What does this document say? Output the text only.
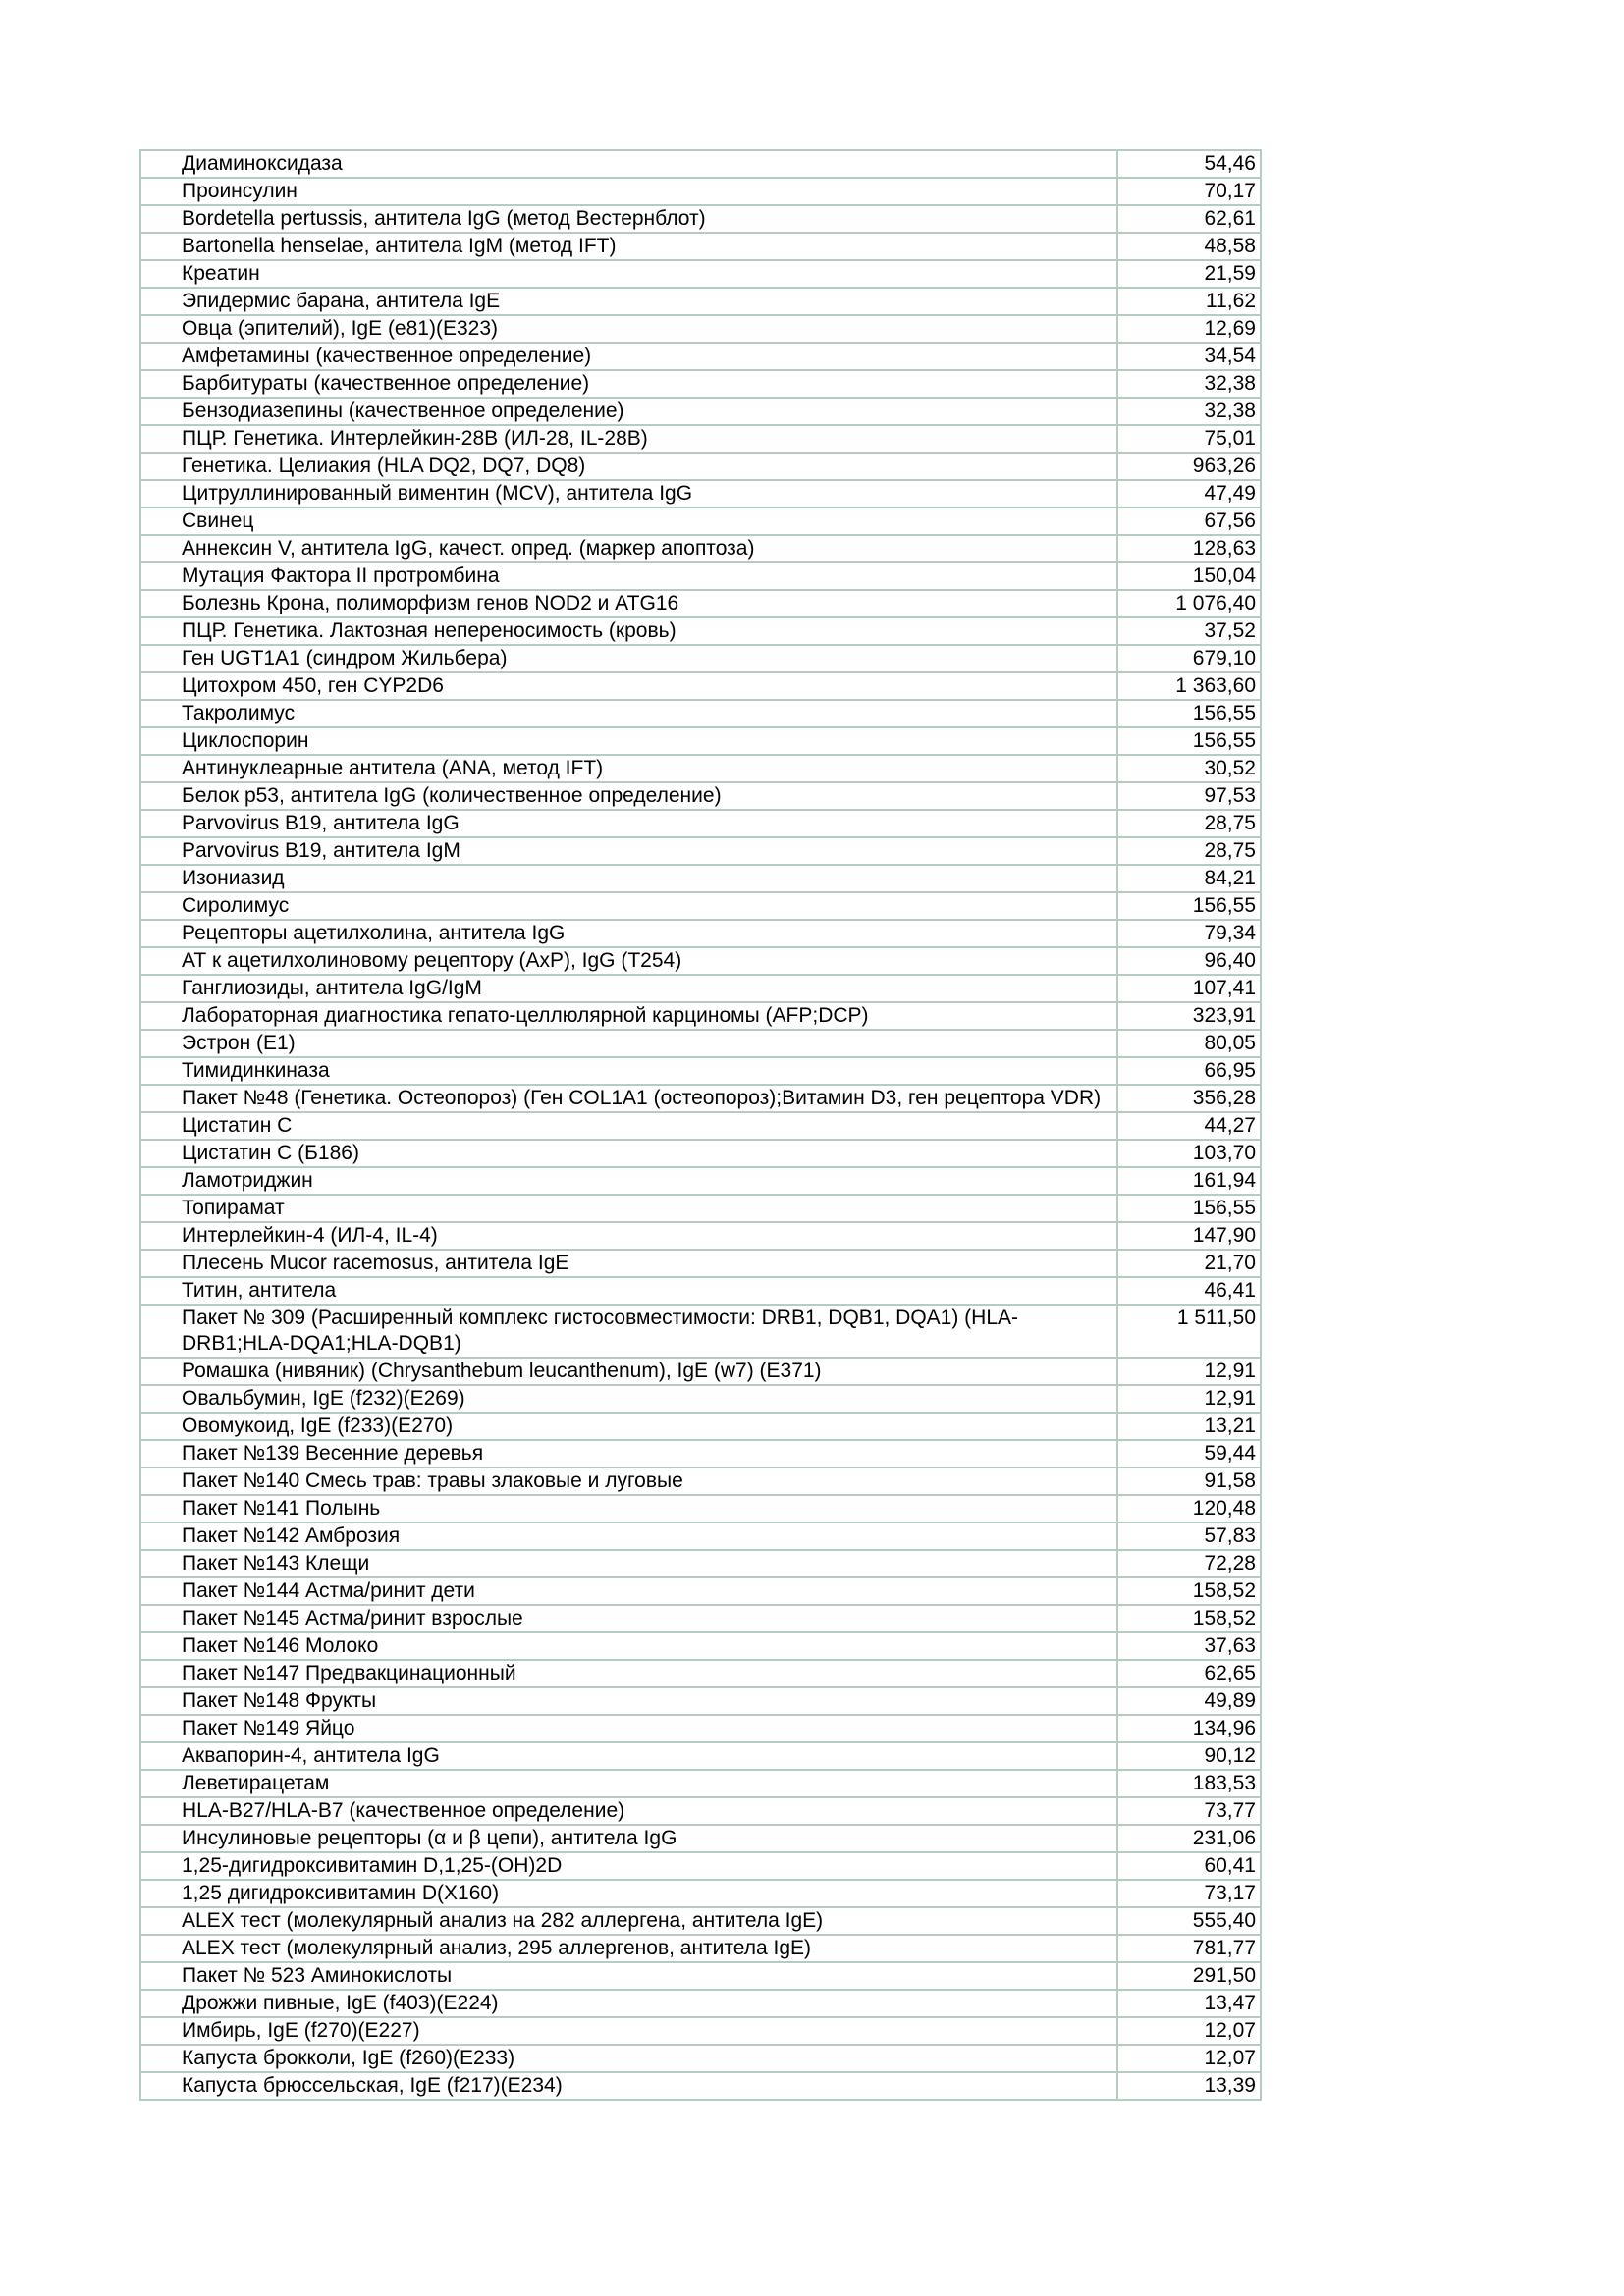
Диаминоксидаза	54,46
Проинсулин	70,17
Bordetella pertussis, антитела IgG (метод Вестернблот)	62,61
Bartonella henselae, антитела IgM (метод IFT)	48,58
Креатин	21,59
Эпидермис барана, антитела IgE	11,62
Овца (эпителий), IgE (e81)(E323)	12,69
Амфетамины (качественное определение)	34,54
Барбитураты (качественное определение)	32,38
Бензодиазепины (качественное определение)	32,38
ПЦР. Генетика. Интерлейкин-28В (ИЛ-28, IL-28B)	75,01
Генетика. Целиакия (HLA DQ2, DQ7, DQ8)	963,26
Цитруллинированный виментин (MCV), антитела IgG	47,49
Свинец	67,56
Аннексин V, антитела IgG, качест. опред. (маркер апоптоза)	128,63
Мутация Фактора II протромбина	150,04
Болезнь Крона, полиморфизм генов NOD2 и ATG16	1 076,40
ПЦР. Генетика. Лактозная непереносимость (кровь)	37,52
Ген UGT1A1 (синдром Жильбера)	679,10
Цитохром 450, ген CYP2D6	1 363,60
Такролимус	156,55
Циклоспорин	156,55
Антинуклеарные антитела (ANA, метод IFT)	30,52
Белок p53, антитела IgG (количественное определение)	97,53
Parvovirus B19, антитела IgG	28,75
Parvovirus B19, антитела IgM	28,75
Изониазид	84,21
Сиролимус	156,55
Рецепторы ацетилхолина, антитела IgG	79,34
АТ к ацетилхолиновому рецептору (AxP), IgG (T254)	96,40
Ганглиозиды, антитела IgG/IgM	107,41
Лабораторная диагностика гепато-целлюлярной карциномы (AFP;DCP)	323,91
Эстрон (Е1)	80,05
Тимидинкиназа	66,95
Пакет №48 (Генетика. Остеопороз) (Ген COL1A1 (остеопороз);Витамин D3, ген рецептора VDR)	356,28
Цистатин С	44,27
Цистатин С (Б186)	103,70
Ламотриджин	161,94
Топирамат	156,55
Интерлейкин-4 (ИЛ-4, IL-4)	147,90
Плесень Mucor racemosus, антитела IgE	21,70
Титин, антитела	46,41
Пакет № 309 (Расширенный комплекс гистосовместимости: DRB1, DQB1, DQA1) (HLA-DRB1;HLA-DQA1;HLA-DQB1)	1 511,50
Ромашка (нивяник) (Chrysanthebum leucanthenum), IgE (w7) (E371)	12,91
Овальбумин, IgE (f232)(E269)	12,91
Овомукоид, IgE (f233)(E270)	13,21
Пакет №139 Весенние деревья	59,44
Пакет №140 Смесь трав: травы злаковые и луговые	91,58
Пакет №141 Полынь	120,48
Пакет №142 Амброзия	57,83
Пакет №143 Клещи	72,28
Пакет №144 Астма/ринит дети	158,52
Пакет №145 Астма/ринит взрослые	158,52
Пакет №146 Молоко	37,63
Пакет №147 Предвакцинационный	62,65
Пакет №148 Фрукты	49,89
Пакет №149 Яйцо	134,96
Аквапорин-4, антитела IgG	90,12
Леветирацетам	183,53
HLA-B27/HLA-B7 (качественное определение)	73,77
Инсулиновые рецепторы (α и β цепи), антитела IgG	231,06
1,25-дигидроксивитамин D,1,25-(OH)2D	60,41
1,25 дигидроксивитамин D(X160)	73,17
ALEX тест (молекулярный анализ на 282 аллергена, антитела IgE)	555,40
ALEX тест (молекулярный анализ, 295 аллергенов, антитела IgE)	781,77
Пакет № 523 Аминокислоты	291,50
Дрожжи пивные, IgE (f403)(E224)	13,47
Имбирь, IgE (f270)(E227)	12,07
Капуста брокколи, IgE (f260)(E233)	12,07
Капуста брюссельская, IgE (f217)(E234)	13,39
